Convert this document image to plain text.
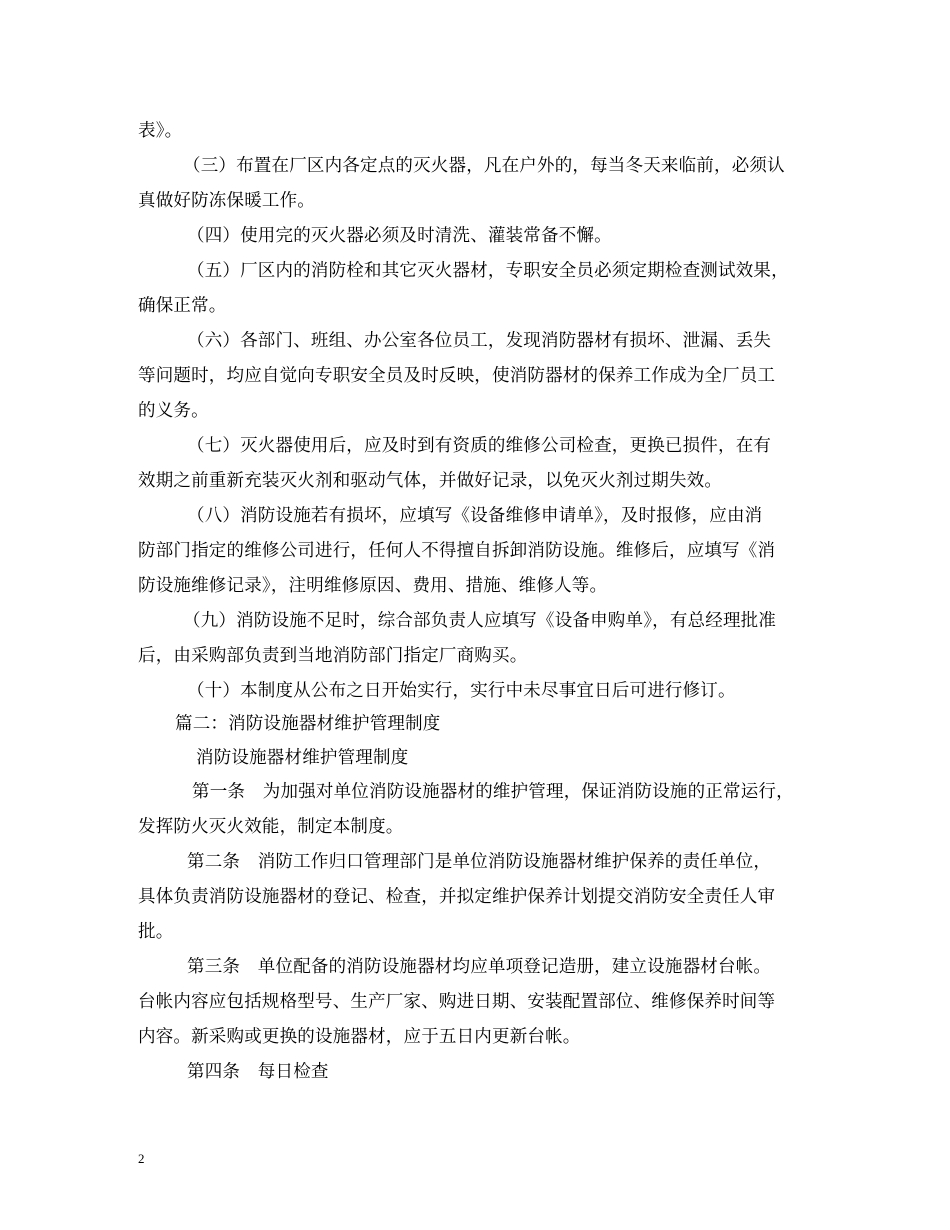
表》。
（三）布置在厂区内各定点的灭火器，凡在户外的，每当冬天来临前，必须认
真做好防冻保暖工作。
（四）使用完的灭火器必须及时清洗、灌装常备不懈。
（五）厂区内的消防栓和其它灭火器材，专职安全员必须定期检查测试效果，
确保正常。
（六）各部门、班组、办公室各位员工，发现消防器材有损坏、泄漏、丢失
等问题时，均应自觉向专职安全员及时反映，使消防器材的保养工作成为全厂员工
的义务。
（七）灭火器使用后，应及时到有资质的维修公司检查，更换已损件，在有
效期之前重新充装灭火剂和驱动气体，并做好记录，以免灭火剂过期失效。
（八）消防设施若有损坏，应填写《设备维修申请单》，及时报修，应由消
防部门指定的维修公司进行，任何人不得擅自拆卸消防设施。维修后，应填写《消
防设施维修记录》，注明维修原因、费用、措施、维修人等。
（九）消防设施不足时，综合部负责人应填写《设备申购单》，有总经理批准
后，由采购部负责到当地消防部门指定厂商购买。
（十）本制度从公布之日开始实行，实行中未尽事宜日后可进行修订。
篇二：消防设施器材维护管理制度
消防设施器材维护管理制度
第一条　为加强对单位消防设施器材的维护管理，保证消防设施的正常运行，
发挥防火灭火效能，制定本制度。
第二条　消防工作归口管理部门是单位消防设施器材维护保养的责任单位，
具体负责消防设施器材的登记、检查，并拟定维护保养计划提交消防安全责任人审
批。
第三条　单位配备的消防设施器材均应单项登记造册，建立设施器材台帐。
台帐内容应包括规格型号、生产厂家、购进日期、安装配置部位、维修保养时间等
内容。新采购或更换的设施器材，应于五日内更新台帐。
第四条　每日检查
2
